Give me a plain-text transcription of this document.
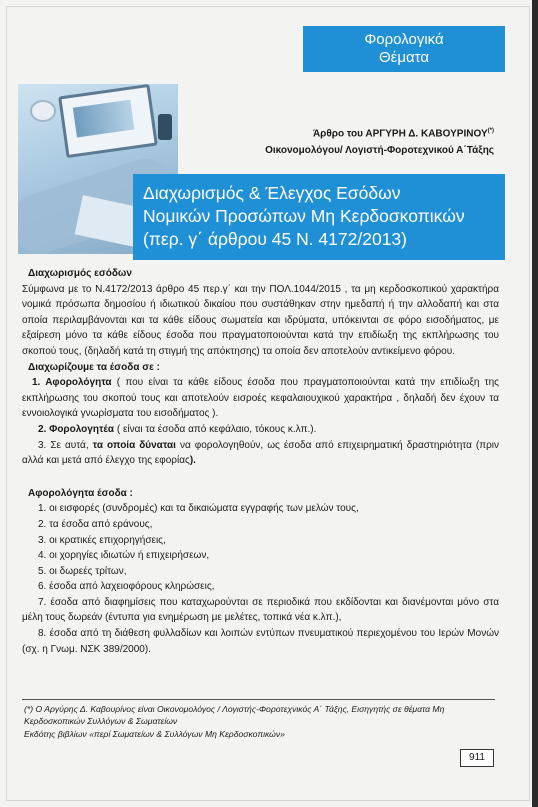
Φορολογικά
Θέματα
Άρθρο του ΑΡΓΥΡΗ Δ. ΚΑΒΟΥΡΙΝΟΥ(*)
Οικονομολόγου/ Λογιστή-Φοροτεχνικού Α΄Τάξης
Διαχωρισμός & Έλεγχος Εσόδων
Νομικών Προσώπων Μη Κερδοσκοπικών
(περ. γ΄ άρθρου 45 Ν. 4172/2013)

Διαχωρισμός εσόδων

Σύμφωνα με το Ν.4172/2013 άρθρο 45 περ.γ΄ και την ΠΟΛ.1044/2015 , τα μη κερδοσκοπικού χαρακτήρα νομικά πρόσωπα δημοσίου ή ιδιωτικού δικαίου που συστάθηκαν στην ημεδαπή ή την αλλοδαπή και στα οποία περιλαμβάνονται και τα κάθε είδους σωματεία και ιδρύματα, υπόκεινται σε φόρο εισοδήματος, με εξαίρεση μόνο τα κάθε είδους έσοδα που πραγματοποιούνται κατά την επιδίωξη της εκπλήρωσης του σκοπού τους, (δηλαδή κατά τη στιγμή της απόκτησης) τα οποία δεν αποτελούν αντικείμενο φόρου.

Διαχωρίζουμε τα έσοδα σε :

1. Αφορολόγητα ( που είναι τα κάθε είδους έσοδα που πραγματοποιούνται κατά την επιδίωξη της εκπλήρωσης του σκοπού τους και αποτελούν εισροές κεφαλαιουχικού χαρακτήρα , δηλαδή δεν έχουν τα εννοιολογικά γνωρίσματα του εισοδήματος ).

2. Φορολογητέα ( είναι τα έσοδα από κεφάλαιο, τόκους κ.λπ.).

3. Σε αυτά, τα οποία δύναται να φορολογηθούν, ως έσοδα από επιχειρηματική δραστηριότητα (πριν αλλά και μετά από έλεγχο της εφορίας).

Αφορολόγητα έσοδα :

1. οι εισφορές (συνδρομές) και τα δικαιώματα εγγραφής των μελών τους,

2. τα έσοδα από εράνους,

3. οι κρατικές επιχορηγήσεις,

4. οι χορηγίες ιδιωτών ή επιχειρήσεων,

5. οι δωρεές τρίτων,

6. έσοδα από λαχειοφόρους κληρώσεις,

7. έσοδα από διαφημίσεις που καταχωρούνται σε περιοδικά που εκδίδονται και διανέμονται μόνο στα μέλη τους δωρεάν (έντυπα για ενημέρωση με μελέτες, τοπικά νέα κ.λπ.),

8. έσοδα από τη διάθεση φυλλαδίων και λοιπών εντύπων πνευματικού περιεχομένου του Ιερών Μονών (σχ. η Γνωμ. ΝΣΚ 389/2000).

(*) Ο Αργύρης Δ. Καβουρίνος είναι Οικονομολόγος / Λογιστής-Φοροτεχνικός Α΄ Τάξης, Εισηγητής σε θέματα Μη Κερδοσκοπικών Συλλόγων & Σωματείων
Εκδότης βιβλίων «περί Σωματείων & Συλλόγων Μη Κερδοσκοπικών»
911
